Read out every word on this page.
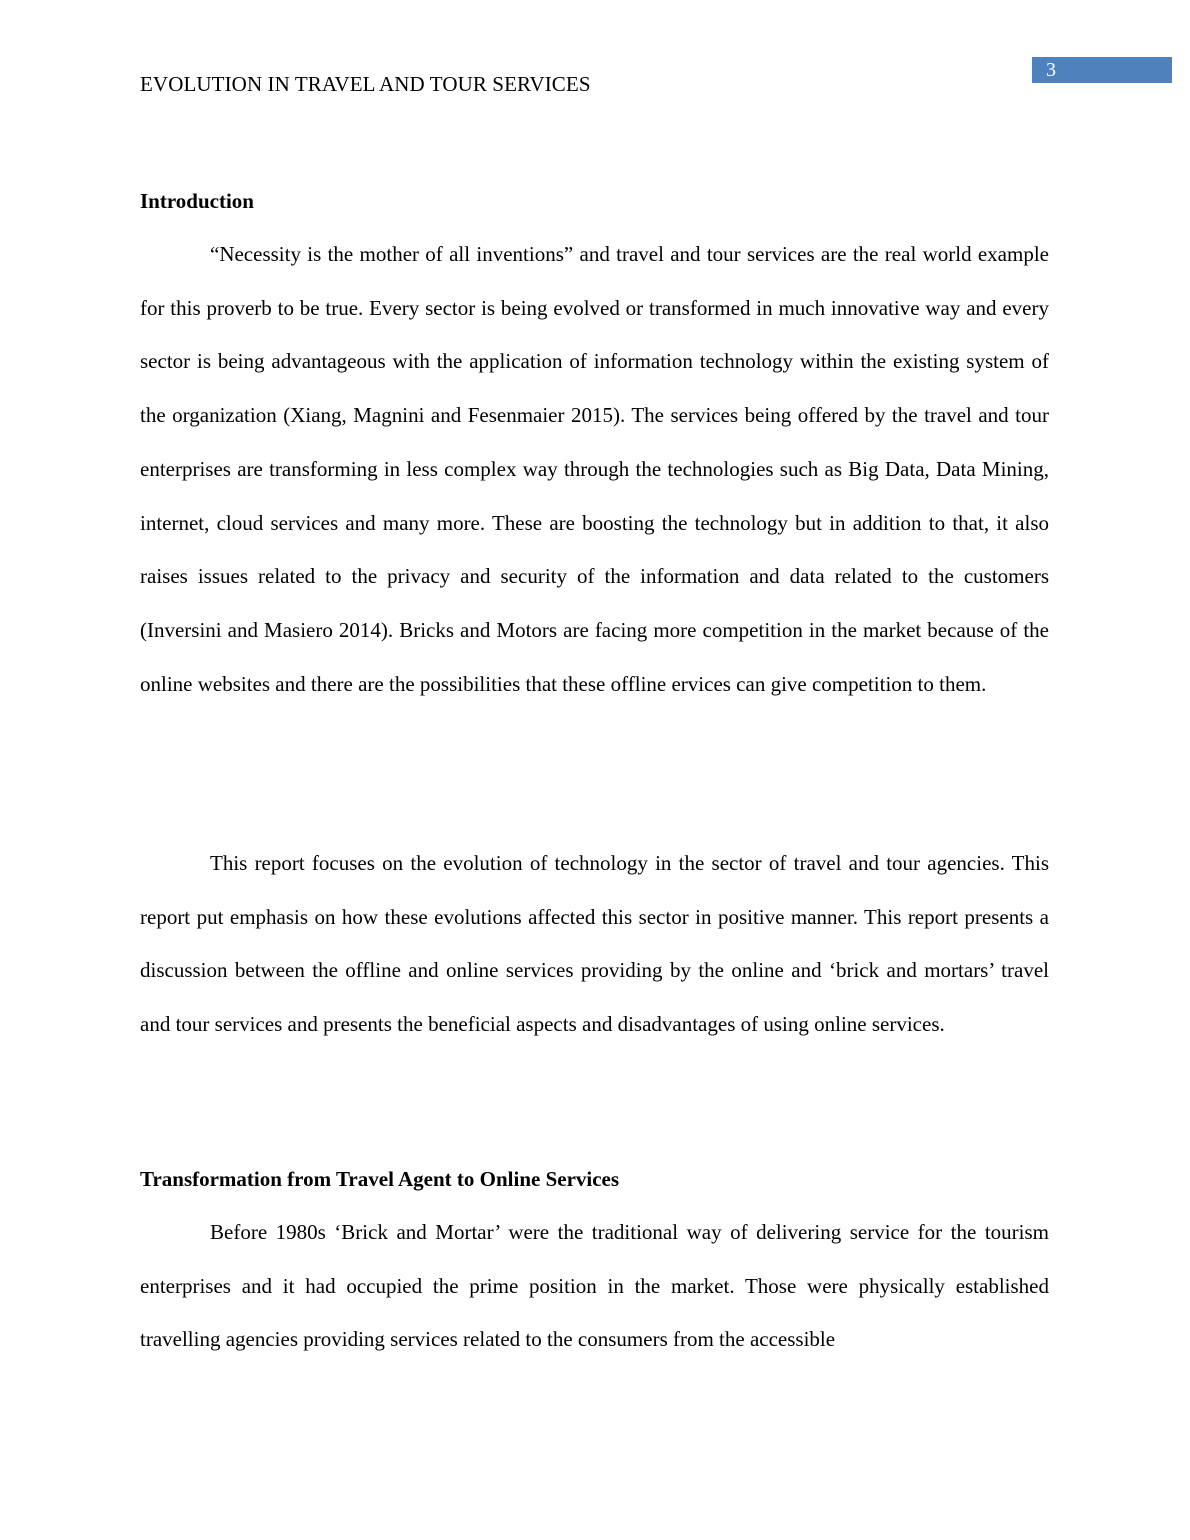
3
EVOLUTION IN TRAVEL AND TOUR SERVICES
Introduction

“Necessity is the mother of all inventions” and travel and tour services are the real world example for this proverb to be true. Every sector is being evolved or transformed in much innovative way and every sector is being advantageous with the application of information technology within the existing system of the organization (Xiang, Magnini and Fesenmaier 2015). The services being offered by the travel and tour enterprises are transforming in less complex way through the technologies such as Big Data, Data Mining, internet, cloud services and many more. These are boosting the technology but in addition to that, it also raises issues related to the privacy and security of the information and data related to the customers (Inversini and Masiero 2014). Bricks and Motors are facing more competition in the market because of the online websites and there are the possibilities that these offline ervices can give competition to them.

This report focuses on the evolution of technology in the sector of travel and tour agencies. This report put emphasis on how these evolutions affected this sector in positive manner. This report presents a discussion between the offline and online services providing by the online and ‘brick and mortars’ travel and tour services and presents the beneficial aspects and disadvantages of using online services.

Transformation from Travel Agent to Online Services

Before 1980s ‘Brick and Mortar’ were the traditional way of delivering service for the tourism enterprises and it had occupied the prime position in the market. Those were physically established travelling agencies providing services related to the consumers from the accessible
